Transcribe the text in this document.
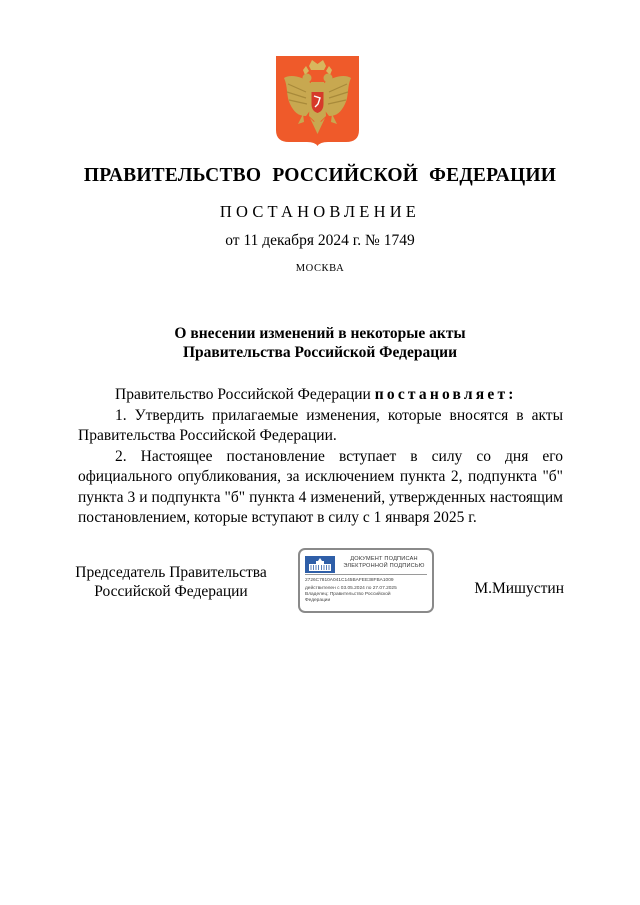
ПРАВИТЕЛЬСТВО РОССИЙСКОЙ ФЕДЕРАЦИИ
ПОСТАНОВЛЕНИЕ
от 11 декабря 2024 г. № 1749
МОСКВА
О внесении изменений в некоторые акты
Правительства Российской Федерации

Правительство Российской Федерации постановляет:

1. Утвердить прилагаемые изменения, которые вносятся в акты Правительства Российской Федерации.

2. Настоящее постановление вступает в силу со дня его официального опубликования, за исключением пункта 2, подпункта "б" пункта 3 и подпункта "б" пункта 4 изменений, утвержденных настоящим постановлением, которые вступают в силу с 1 января 2025 г.

Председатель Правительства
Российской Федерации
ДОКУМЕНТ ПОДПИСАН
ЭЛЕКТРОННОЙ ПОДПИСЬЮ
2726C7810A041C145BAFEE38FBA1009
действителен с 03.05.2024 по 27.07.2025
Владелец: Правительство Российской
Федерации
М.Мишустин
